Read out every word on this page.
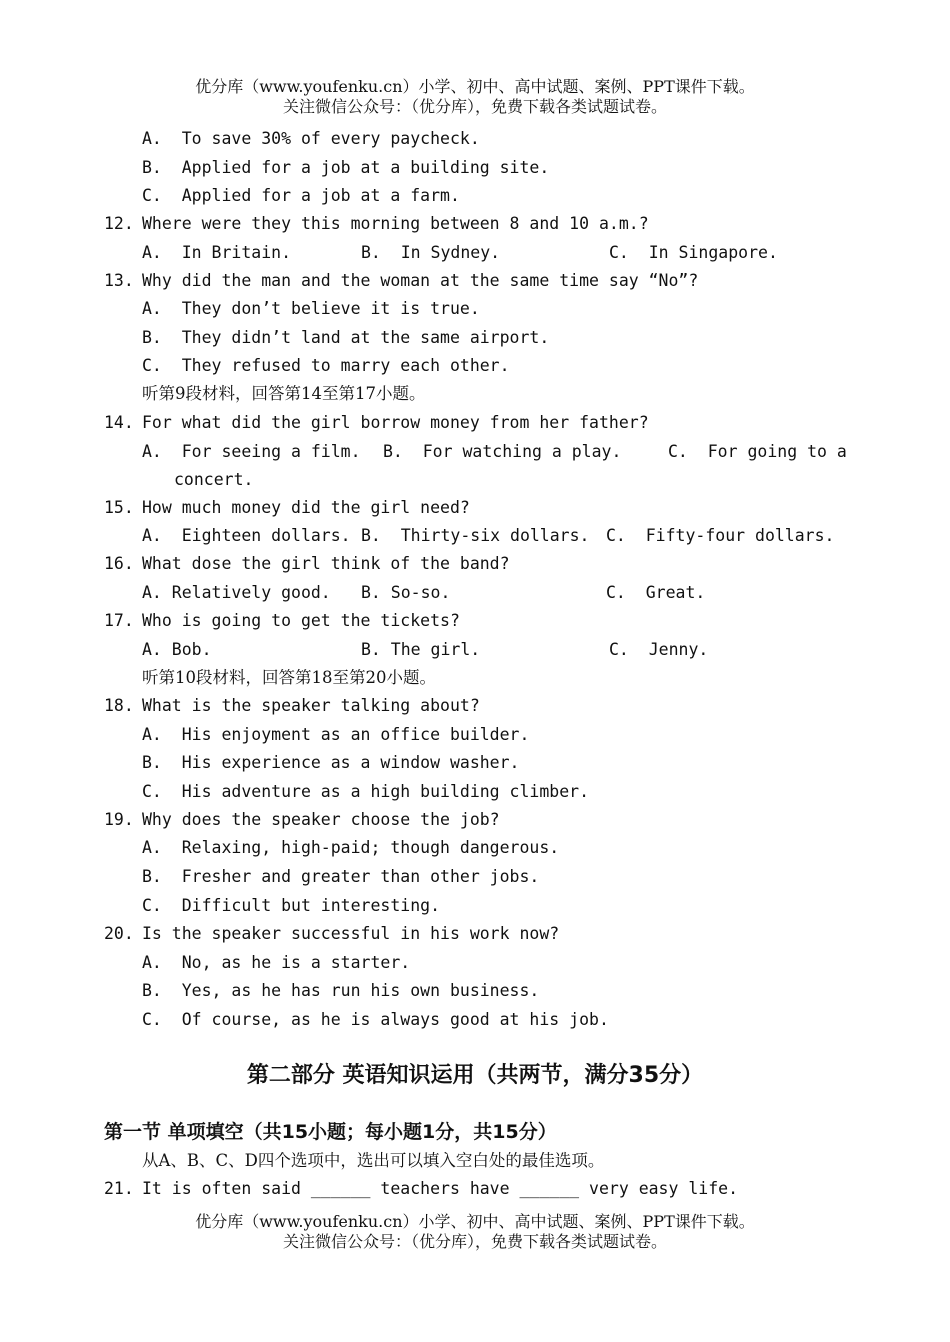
优分库（www.youfenku.cn）小学、初中、高中试题、案例、PPT课件下载。
关注微信公众号：（优分库），免费下载各类试题试卷。
A.  To save 30% of every paycheck.
B.  Applied for a job at a building site.
C.  Applied for a job at a farm.

12.

Where were they this morning between 8 and 10 a.m.?

A.  In Britain.

	B.  In Sydney.

	C.  In Singapore.

13.

Why did the man and the woman at the same time say “No”?

A.  They don’t believe it is true.
B.  They didn’t land at the same airport.
C.  They refused to marry each other.
听第9段材料，回答第14至第17小题。

14.

For what did the girl borrow money from her father?

A.  For seeing a film.

B.  For watching a play.

	C.  For going to a

concert.

15.

How much money did the girl need?

A.  Eighteen dollars.

B.  Thirty-six dollars.

C.  Fifty-four dollars.

16.

What dose the girl think of the band?

A. Relatively good.

B. So-so.

	C.  Great.

17.

Who is going to get the tickets?

A. Bob.

	B. The girl.

	C.  Jenny.

听第10段材料，回答第18至第20小题。

18.

What is the speaker talking about?

A.  His enjoyment as an office builder.
B.  His experience as a window washer.
C.  His adventure as a high building climber.

19.

Why does the speaker choose the job?

A.  Relaxing, high-paid; though dangerous.
B.  Fresher and greater than other jobs.
C.  Difficult but interesting.

20.

Is the speaker successful in his work now?

A.  No, as he is a starter.
B.  Yes, as he has run his own business.
C.  Of course, as he is always good at his job.
第二部分 英语知识运用（共两节，满分35分）
第一节 单项填空（共15小题；每小题1分，共15分）
从A、B、C、D四个选项中，选出可以填入空白处的最佳选项。

21.

It is often said ______ teachers have ______ very easy life.

优分库（www.youfenku.cn）小学、初中、高中试题、案例、PPT课件下载。
关注微信公众号：（优分库），免费下载各类试题试卷。
